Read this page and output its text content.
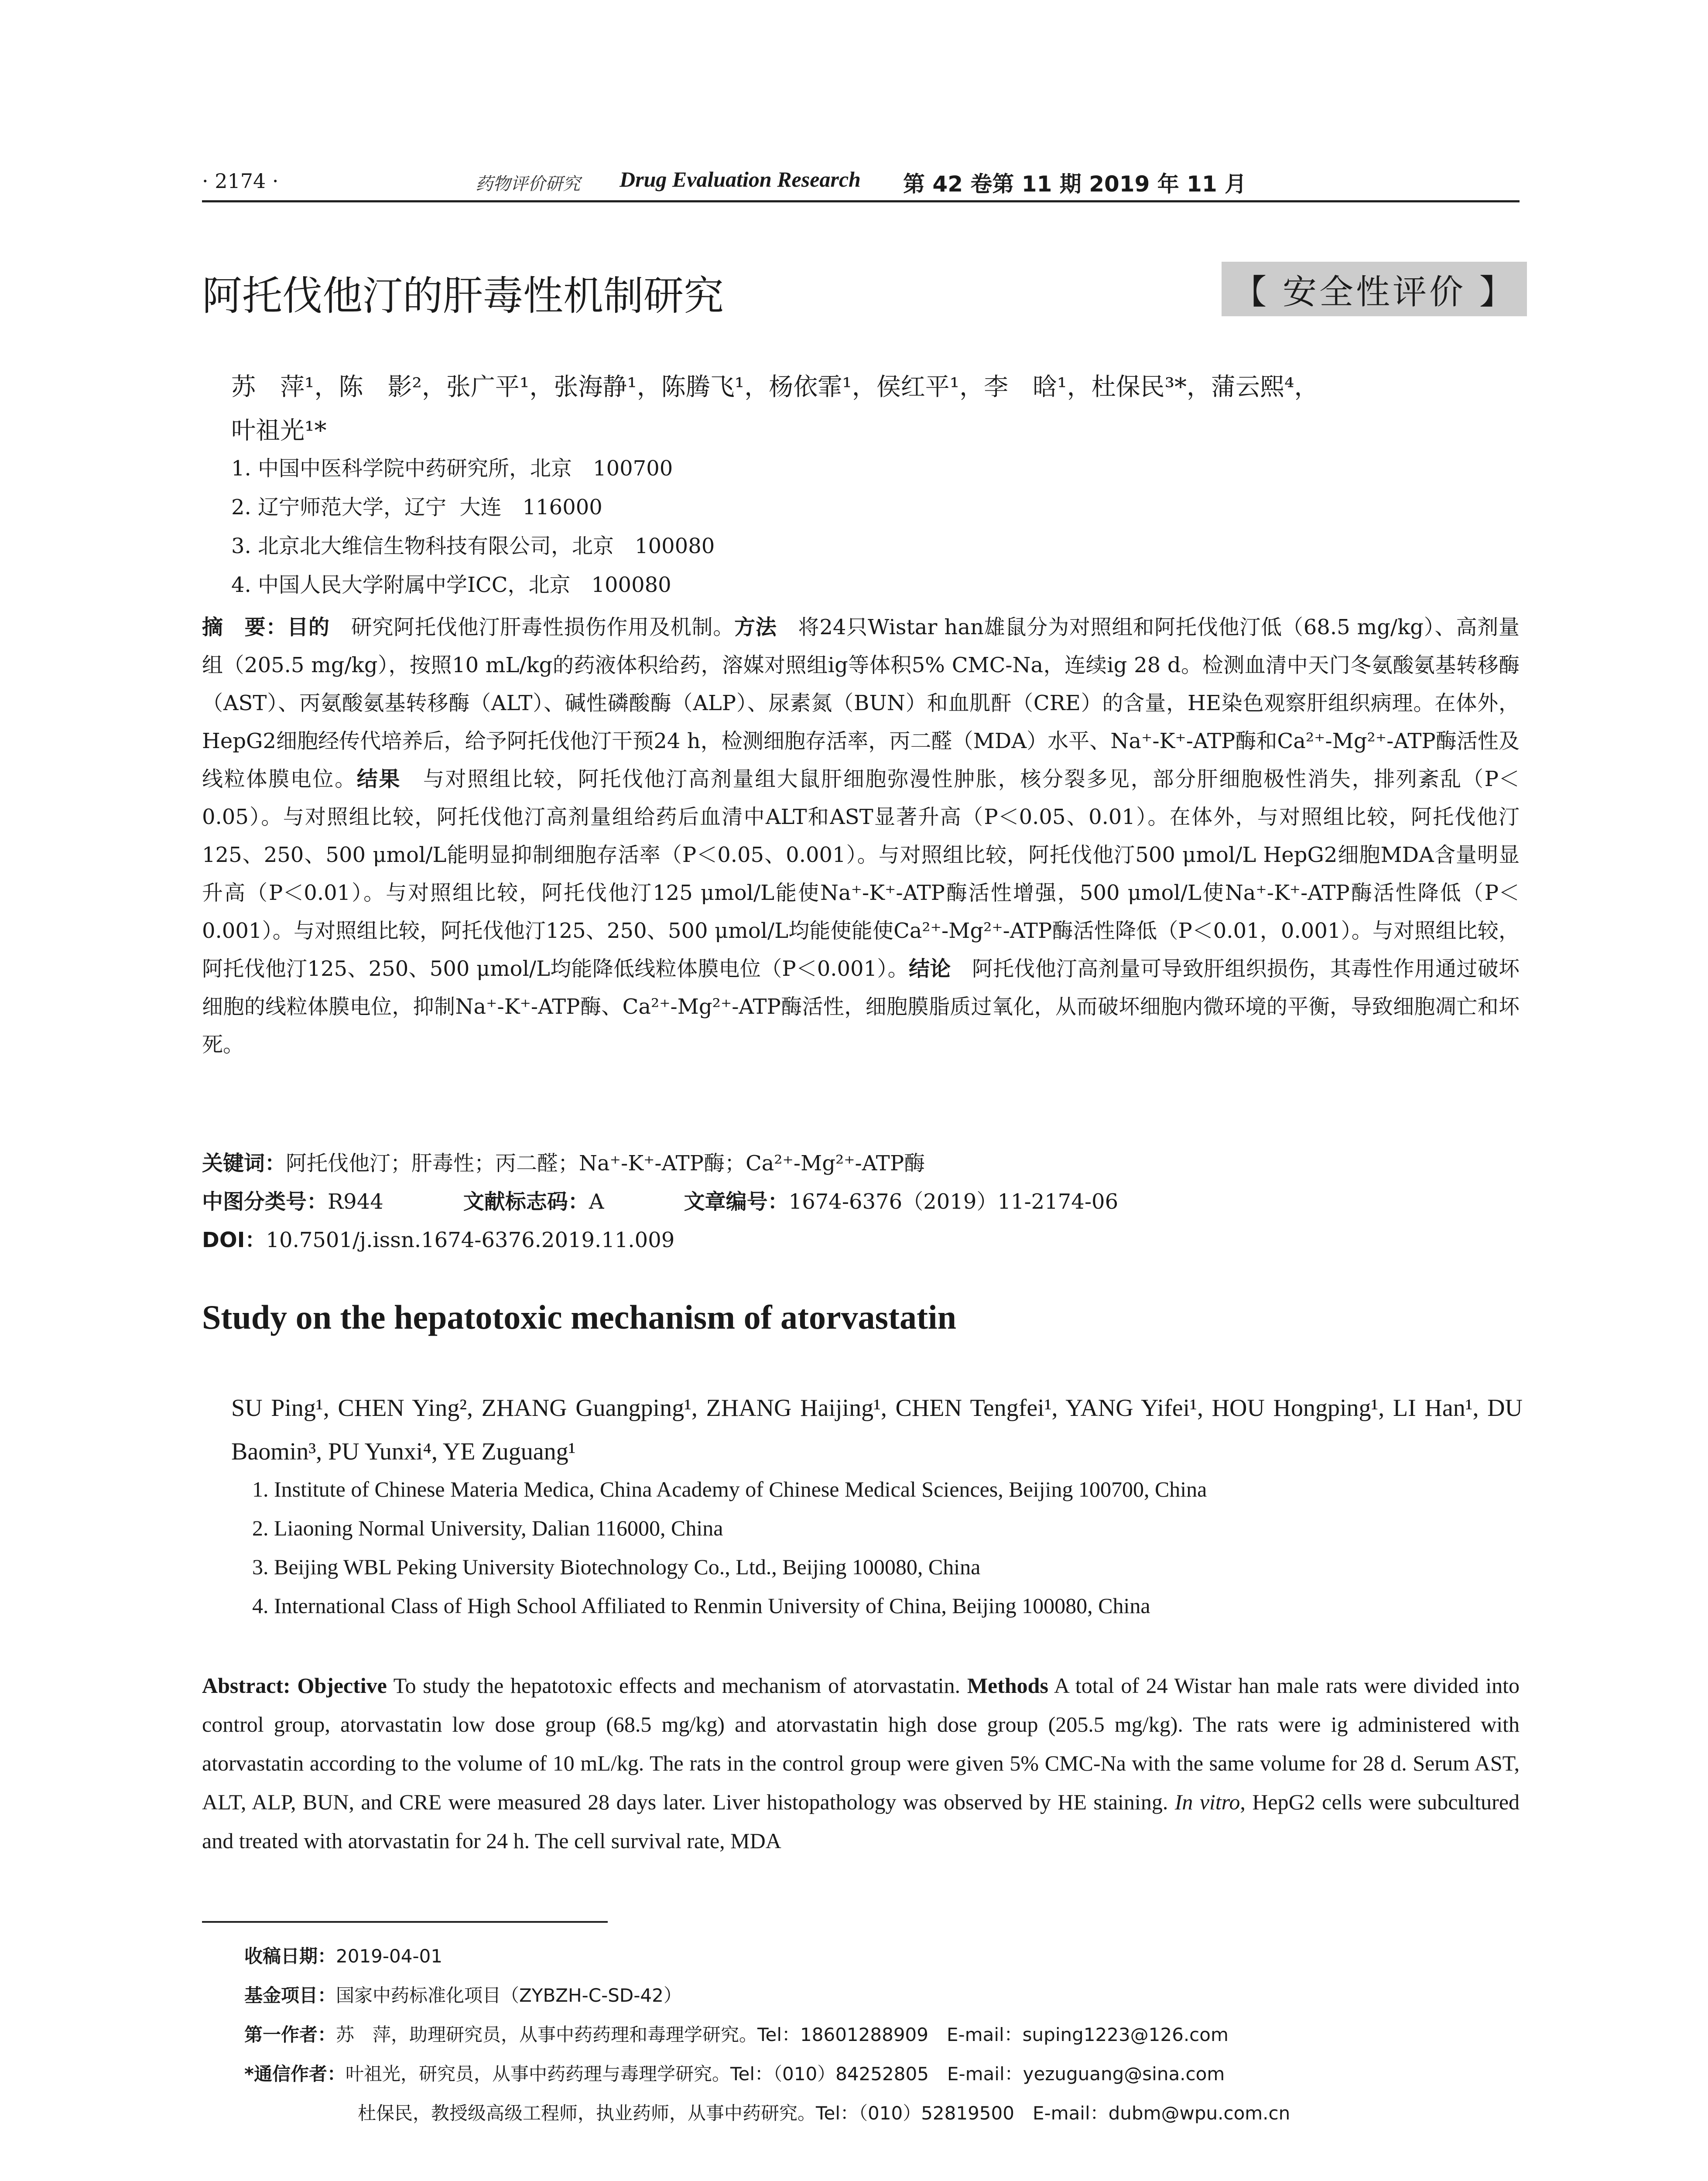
· 2174 ·	药物评价研究 Drug Evaluation Research 第 42 卷第 11 期 2019 年 11 月
阿托伐他汀的肝毒性机制研究	【 安全性评价 】
苏　萍¹，陈　影²，张广平¹，张海静¹，陈腾飞¹，杨依霏¹，侯红平¹，李　晗¹，杜保民³*，蒲云熙⁴，
叶祖光¹*
1. 中国中医科学院中药研究所，北京　100700
2. 辽宁师范大学，辽宁  大连　116000
3. 北京北大维信生物科技有限公司，北京　100080
4. 中国人民大学附属中学ICC，北京　100080
摘　要：目的　 研究阿托伐他汀肝毒性损伤作用及机制。方法　 将24只Wistar han雄鼠分为对照组和阿托伐他汀低（68.5 mg/kg）、高剂量组（205.5 mg/kg），按照10 mL/kg的药液体积给药，溶媒对照组ig等体积5% CMC-Na，连续ig 28 d。检测血清中天门冬氨酸氨基转移酶（AST）、丙氨酸氨基转移酶（ALT）、碱性磷酸酶（ALP）、尿素氮（BUN）和血肌酐（CRE）的含量，HE染色观察肝组织病理。在体外，HepG2细胞经传代培养后，给予阿托伐他汀干预24 h，检测细胞存活率，丙二醛（MDA）水平、Na⁺-K⁺-ATP酶和Ca²⁺-Mg²⁺-ATP酶活性及线粒体膜电位。结果　 与对照组比较，阿托伐他汀高剂量组大鼠肝细胞弥漫性肿胀，核分裂多见，部分肝细胞极性消失，排列紊乱（P＜0.05）。与对照组比较，阿托伐他汀高剂量组给药后血清中ALT和AST显著升高（P＜0.05、0.01）。在体外，与对照组比较，阿托伐他汀125、250、500 μmol/L能明显抑制细胞存活率（P＜0.05、0.001）。与对照组比较，阿托伐他汀500 μmol/L HepG2细胞MDA含量明显升高（P＜0.01）。与对照组比较，阿托伐他汀125 μmol/L能使Na⁺-K⁺-ATP酶活性增强，500 μmol/L使Na⁺-K⁺-ATP酶活性降低（P＜0.001）。与对照组比较，阿托伐他汀125、250、500 μmol/L均能使能使Ca²⁺-Mg²⁺-ATP酶活性降低（P＜0.01，0.001）。与对照组比较，阿托伐他汀125、250、500 μmol/L均能降低线粒体膜电位（P＜0.001）。结论　 阿托伐他汀高剂量可导致肝组织损伤，其毒性作用通过破坏细胞的线粒体膜电位，抑制Na⁺-K⁺-ATP酶、Ca²⁺-Mg²⁺-ATP酶活性，细胞膜脂质过氧化，从而破坏细胞内微环境的平衡，导致细胞凋亡和坏死。
关键词：阿托伐他汀；肝毒性；丙二醛；Na⁺-K⁺-ATP酶；Ca²⁺-Mg²⁺-ATP酶
中图分类号：R944	文献标志码：A	文章编号：1674-6376（2019）11-2174-06
DOI：10.7501/j.issn.1674-6376.2019.11.009
Study on the hepatotoxic mechanism of atorvastatin
SU Ping¹, CHEN Ying², ZHANG Guangping¹, ZHANG Haijing¹, CHEN Tengfei¹, YANG Yifei¹, HOU Hongping¹, LI Han¹, DU Baomin³, PU Yunxi⁴, YE Zuguang¹
1. Institute of Chinese Materia Medica, China Academy of Chinese Medical Sciences, Beijing 100700, China
2. Liaoning Normal University, Dalian 116000, China
3. Beijing WBL Peking University Biotechnology Co., Ltd., Beijing 100080, China
4. International Class of High School Affiliated to Renmin University of China, Beijing 100080, China
Abstract: Objective To study the hepatotoxic effects and mechanism of atorvastatin. Methods A total of 24 Wistar han male rats were divided into control group, atorvastatin low dose group (68.5 mg/kg) and atorvastatin high dose group (205.5 mg/kg). The rats were ig administered with atorvastatin according to the volume of 10 mL/kg. The rats in the control group were given 5% CMC-Na with the same volume for 28 d. Serum AST, ALT, ALP, BUN, and CRE were measured 28 days later. Liver histopathology was observed by HE staining. In vitro, HepG2 cells were subcultured and treated with atorvastatin for 24 h. The cell survival rate, MDA
收稿日期：2019-04-01
基金项目：国家中药标准化项目（ZYBZH-C-SD-42）
第一作者：苏　萍，助理研究员，从事中药药理和毒理学研究。Tel：18601288909　E-mail：suping1223@126.com
*通信作者：叶祖光，研究员，从事中药药理与毒理学研究。Tel：（010）84252805　E-mail：yezuguang@sina.com
杜保民，教授级高级工程师，执业药师，从事中药研究。Tel：（010）52819500　E-mail：dubm@wpu.com.cn
